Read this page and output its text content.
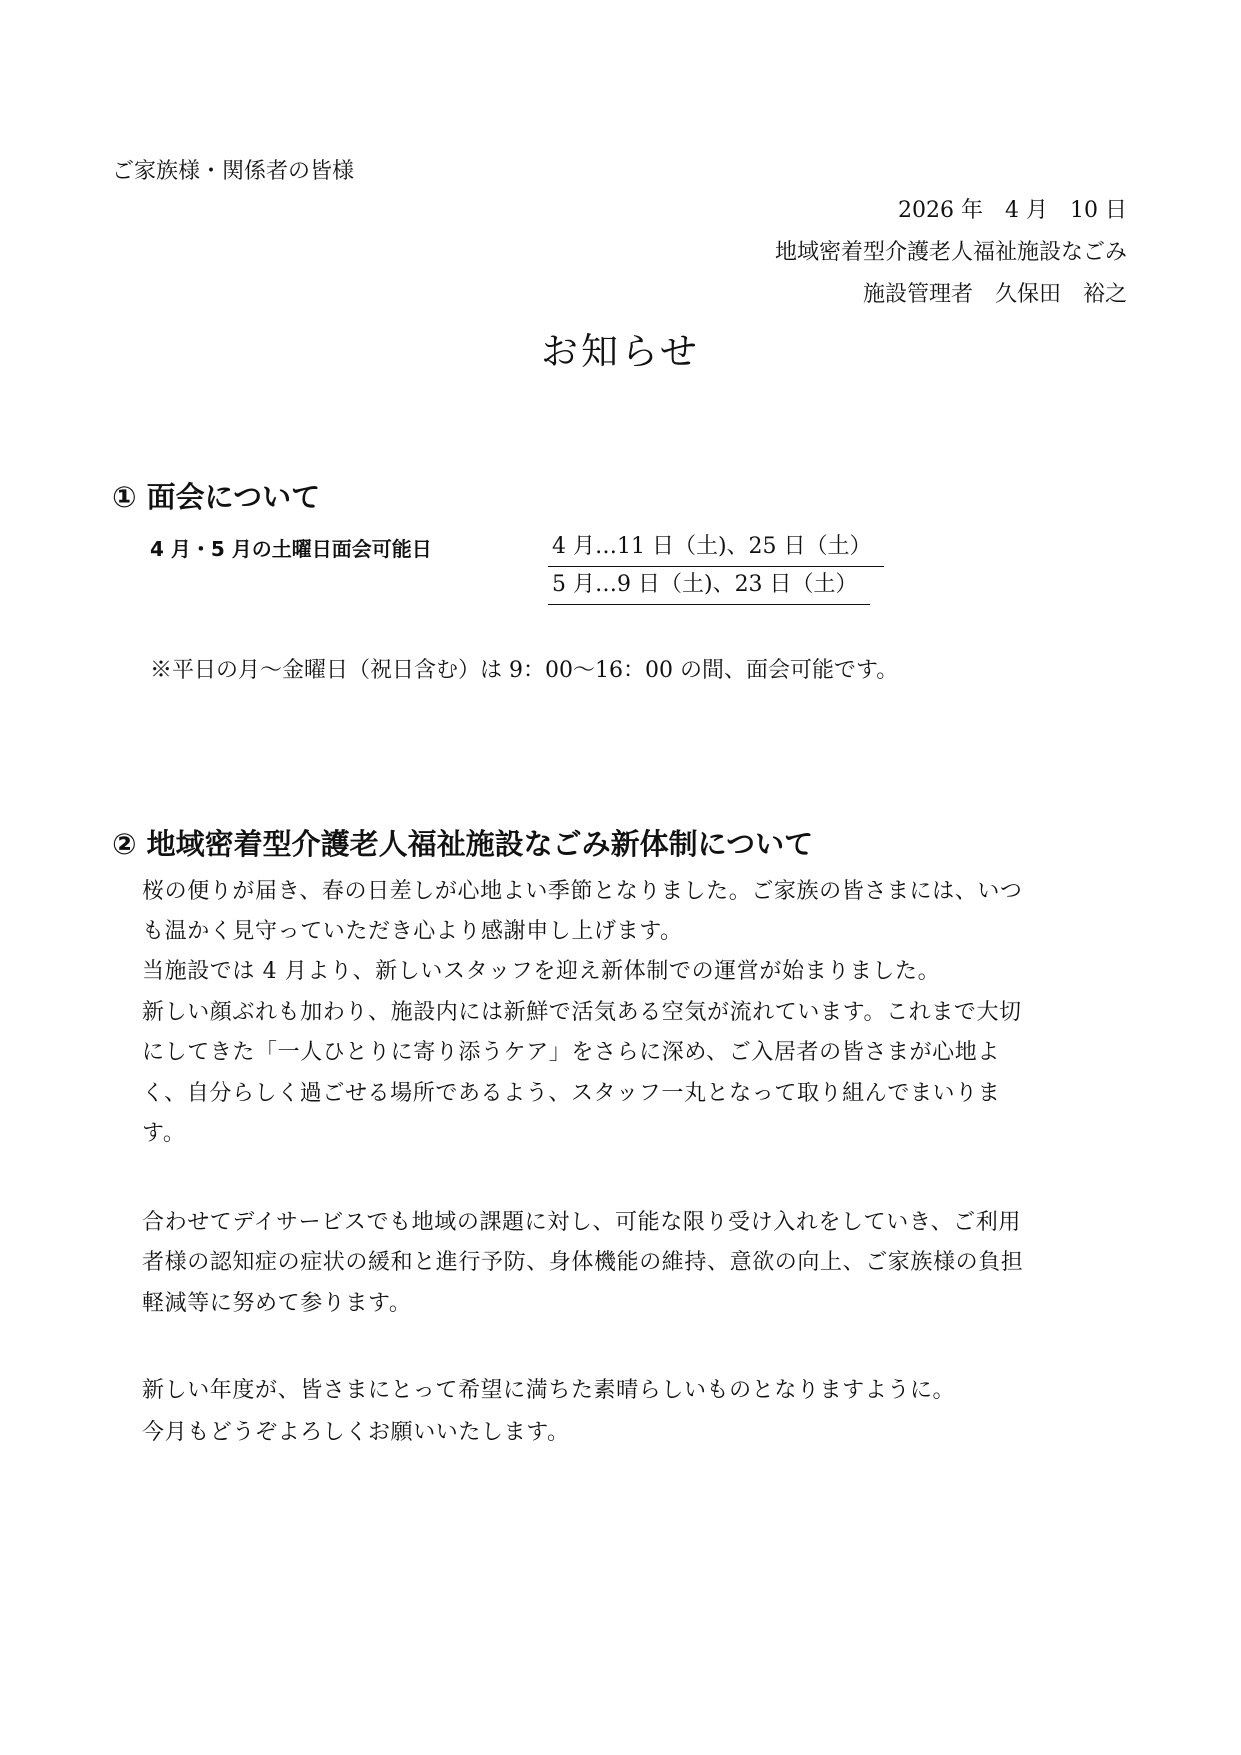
ご家族様・関係者の皆様
2026 年　4 月　10 日
地域密着型介護老人福祉施設なごみ
施設管理者　久保田　裕之
お知らせ
① 面会について
4 月・5 月の土曜日面会可能日	4 月…11 日（土)、25 日（土）
5 月…9 日（土)、23 日（土）
※平日の月～金曜日（祝日含む）は 9：00～16：00 の間、面会可能です。
② 地域密着型介護老人福祉施設なごみ新体制について
桜の便りが届き、春の日差しが心地よい季節となりました。ご家族の皆さまには、いつ
も温かく見守っていただき心より感謝申し上げます。
当施設では 4 月より、新しいスタッフを迎え新体制での運営が始まりました。
新しい顔ぶれも加わり、施設内には新鮮で活気ある空気が流れています。これまで大切
にしてきた「一人ひとりに寄り添うケア」をさらに深め、ご入居者の皆さまが心地よ
く、自分らしく過ごせる場所であるよう、スタッフ一丸となって取り組んでまいりま
す。
合わせてデイサービスでも地域の課題に対し、可能な限り受け入れをしていき、ご利用
者様の認知症の症状の緩和と進行予防、身体機能の維持、意欲の向上、ご家族様の負担
軽減等に努めて参ります。
新しい年度が、皆さまにとって希望に満ちた素晴らしいものとなりますように。
今月もどうぞよろしくお願いいたします。
